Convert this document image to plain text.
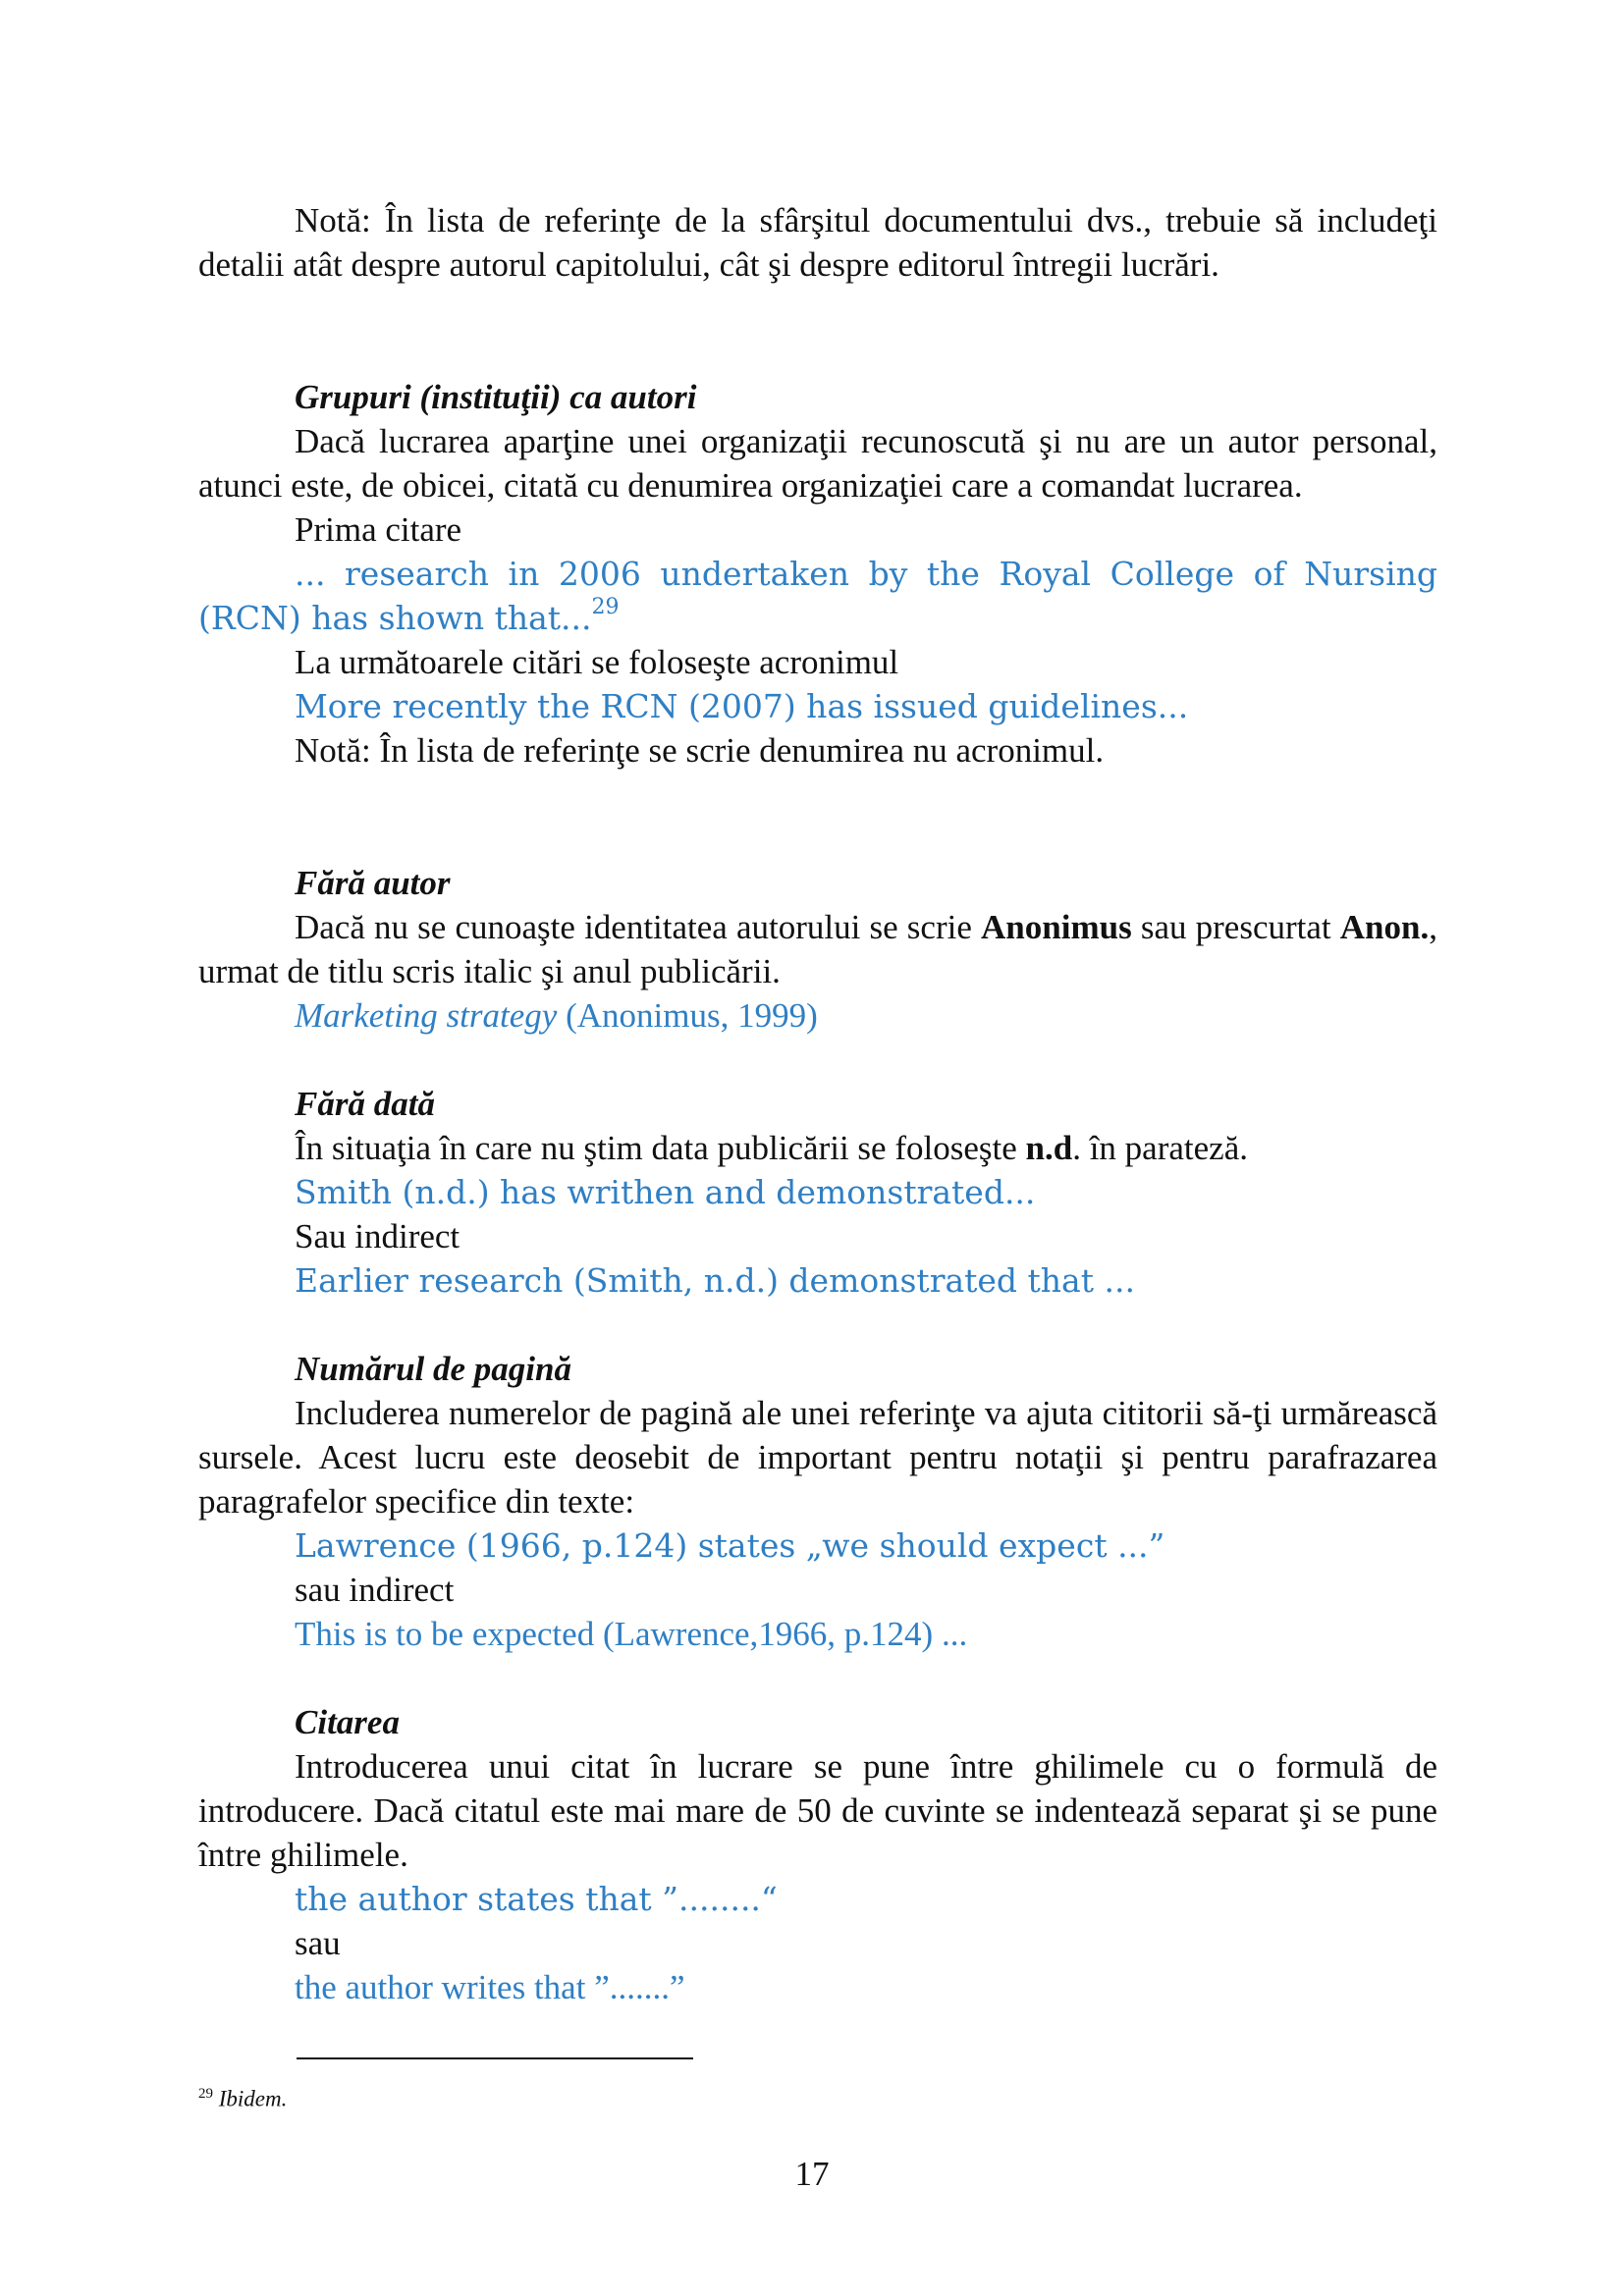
Notă: În lista de referinţe de la sfârşitul documentului dvs., trebuie să includeţi detalii atât despre autorul capitolului, cât şi despre editorul întregii lucrări.

Grupuri (instituţii) ca autori

Dacă lucrarea aparţine unei organizaţii recunoscută şi nu are un autor personal, atunci este, de obicei, citată cu denumirea organizaţiei care a comandat lucrarea.

Prima citare

... research in 2006 undertaken by the Royal College of Nursing (RCN) has shown that...$^{29}$

La următoarele citări se foloseşte acronimul

More recently the RCN (2007) has issued guidelines...

Notă: În lista de referinţe se scrie denumirea nu acronimul.

Fără autor

Dacă nu se cunoaşte identitatea autorului se scrie Anonimus sau prescurtat Anon., urmat de titlu scris italic şi anul publicării.

Marketing strategy (Anonimus, 1999)

Fără dată

În situaţia în care nu ştim data publicării se foloseşte n.d. în parateză.

Smith (n.d.) has writhen and demonstrated...

Sau indirect

Earlier research (Smith, n.d.) demonstrated that ...

Numărul de pagină

Includerea numerelor de pagină ale unei referinţe va ajuta cititorii să-ţi urmărească sursele. Acest lucru este deosebit de important pentru notaţii şi pentru parafrazarea paragrafelor specifice din texte:

Lawrence (1966, p.124) states „we should expect ...”

sau indirect

This is to be expected (Lawrence,1966, p.124) ...

Citarea

Introducerea unui citat în lucrare se pune între ghilimele cu o formulă de introducere. Dacă citatul este mai mare de 50 de cuvinte se indentează separat şi se pune între ghilimele.

the author states that ”........“

sau

the author writes that ”.......”

$^{29}$ Ibidem.
17
